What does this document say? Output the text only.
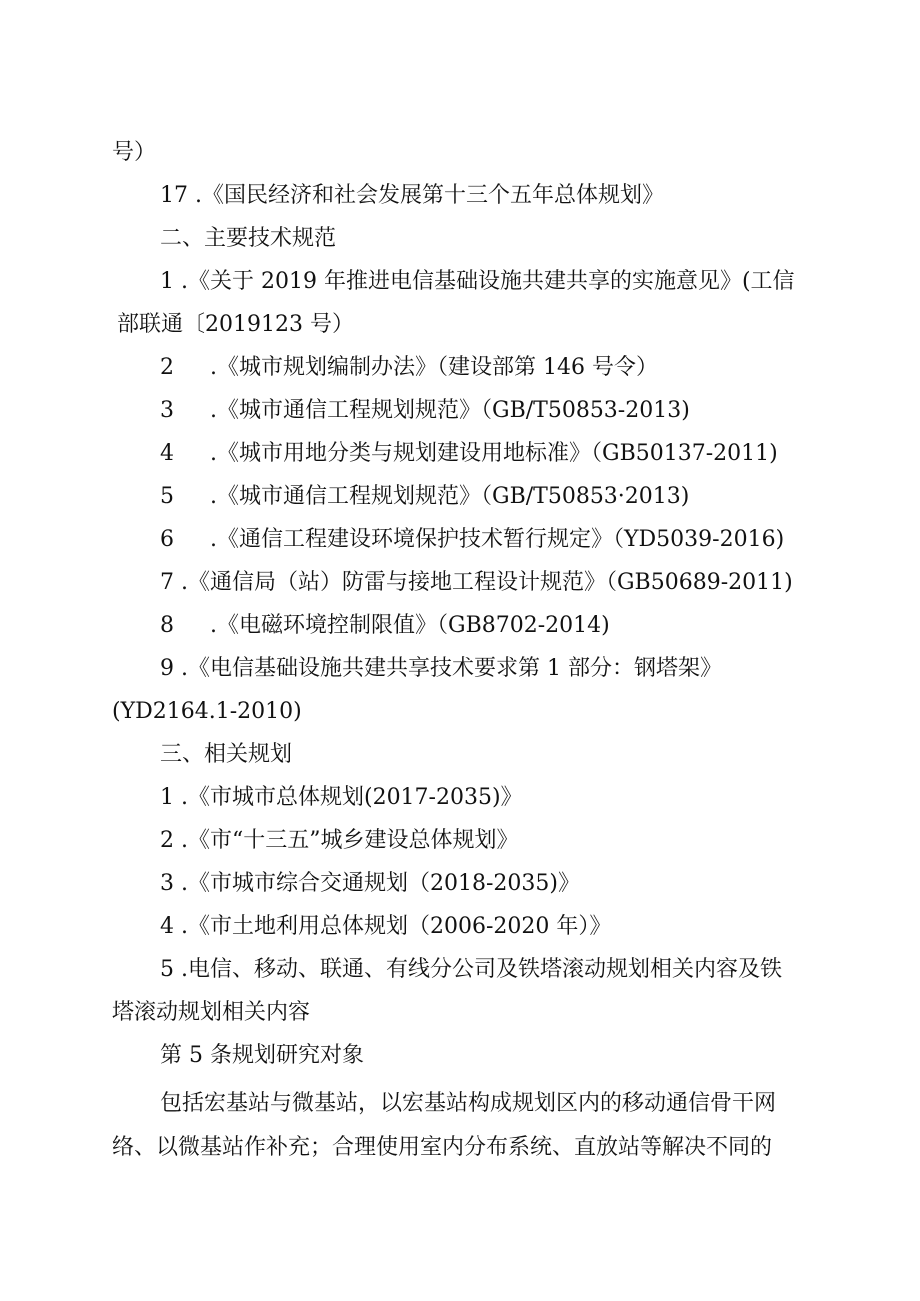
号）

17 .《国民经济和社会发展第十三个五年总体规划》

二、主要技术规范

1 .《关于 2019 年推进电信基础设施共建共享的实施意见》(工信

部联通〔2019123 号）

2 .《城市规划编制办法》（建设部第 146 号令）

3 .《城市通信工程规划规范》（GB/T50853-2013)

4 .《城市用地分类与规划建设用地标准》（GB50137-2011)

5 .《城市通信工程规划规范》（GB/T50853·2013)

6 .《通信工程建设环境保护技术暂行规定》（YD5039-2016)

7 .《通信局（站）防雷与接地工程设计规范》（GB50689-2011)

8 .《电磁环境控制限值》（GB8702-2014)

9 .《电信基础设施共建共享技术要求第 1 部分：钢塔架》

(YD2164.1-2010)

三、相关规划

1 .《市城市总体规划(2017-2035)》

2 .《市“十三五”城乡建设总体规划》

3 .《市城市综合交通规划（2018-2035)》

4 .《市土地利用总体规划（2006-2020 年）》

5 .电信、移动、联通、有线分公司及铁塔滚动规划相关内容及铁

塔滚动规划相关内容

第 5 条规划研究对象

包括宏基站与微基站，以宏基站构成规划区内的移动通信骨干网

络、以微基站作补充；合理使用室内分布系统、直放站等解决不同的
